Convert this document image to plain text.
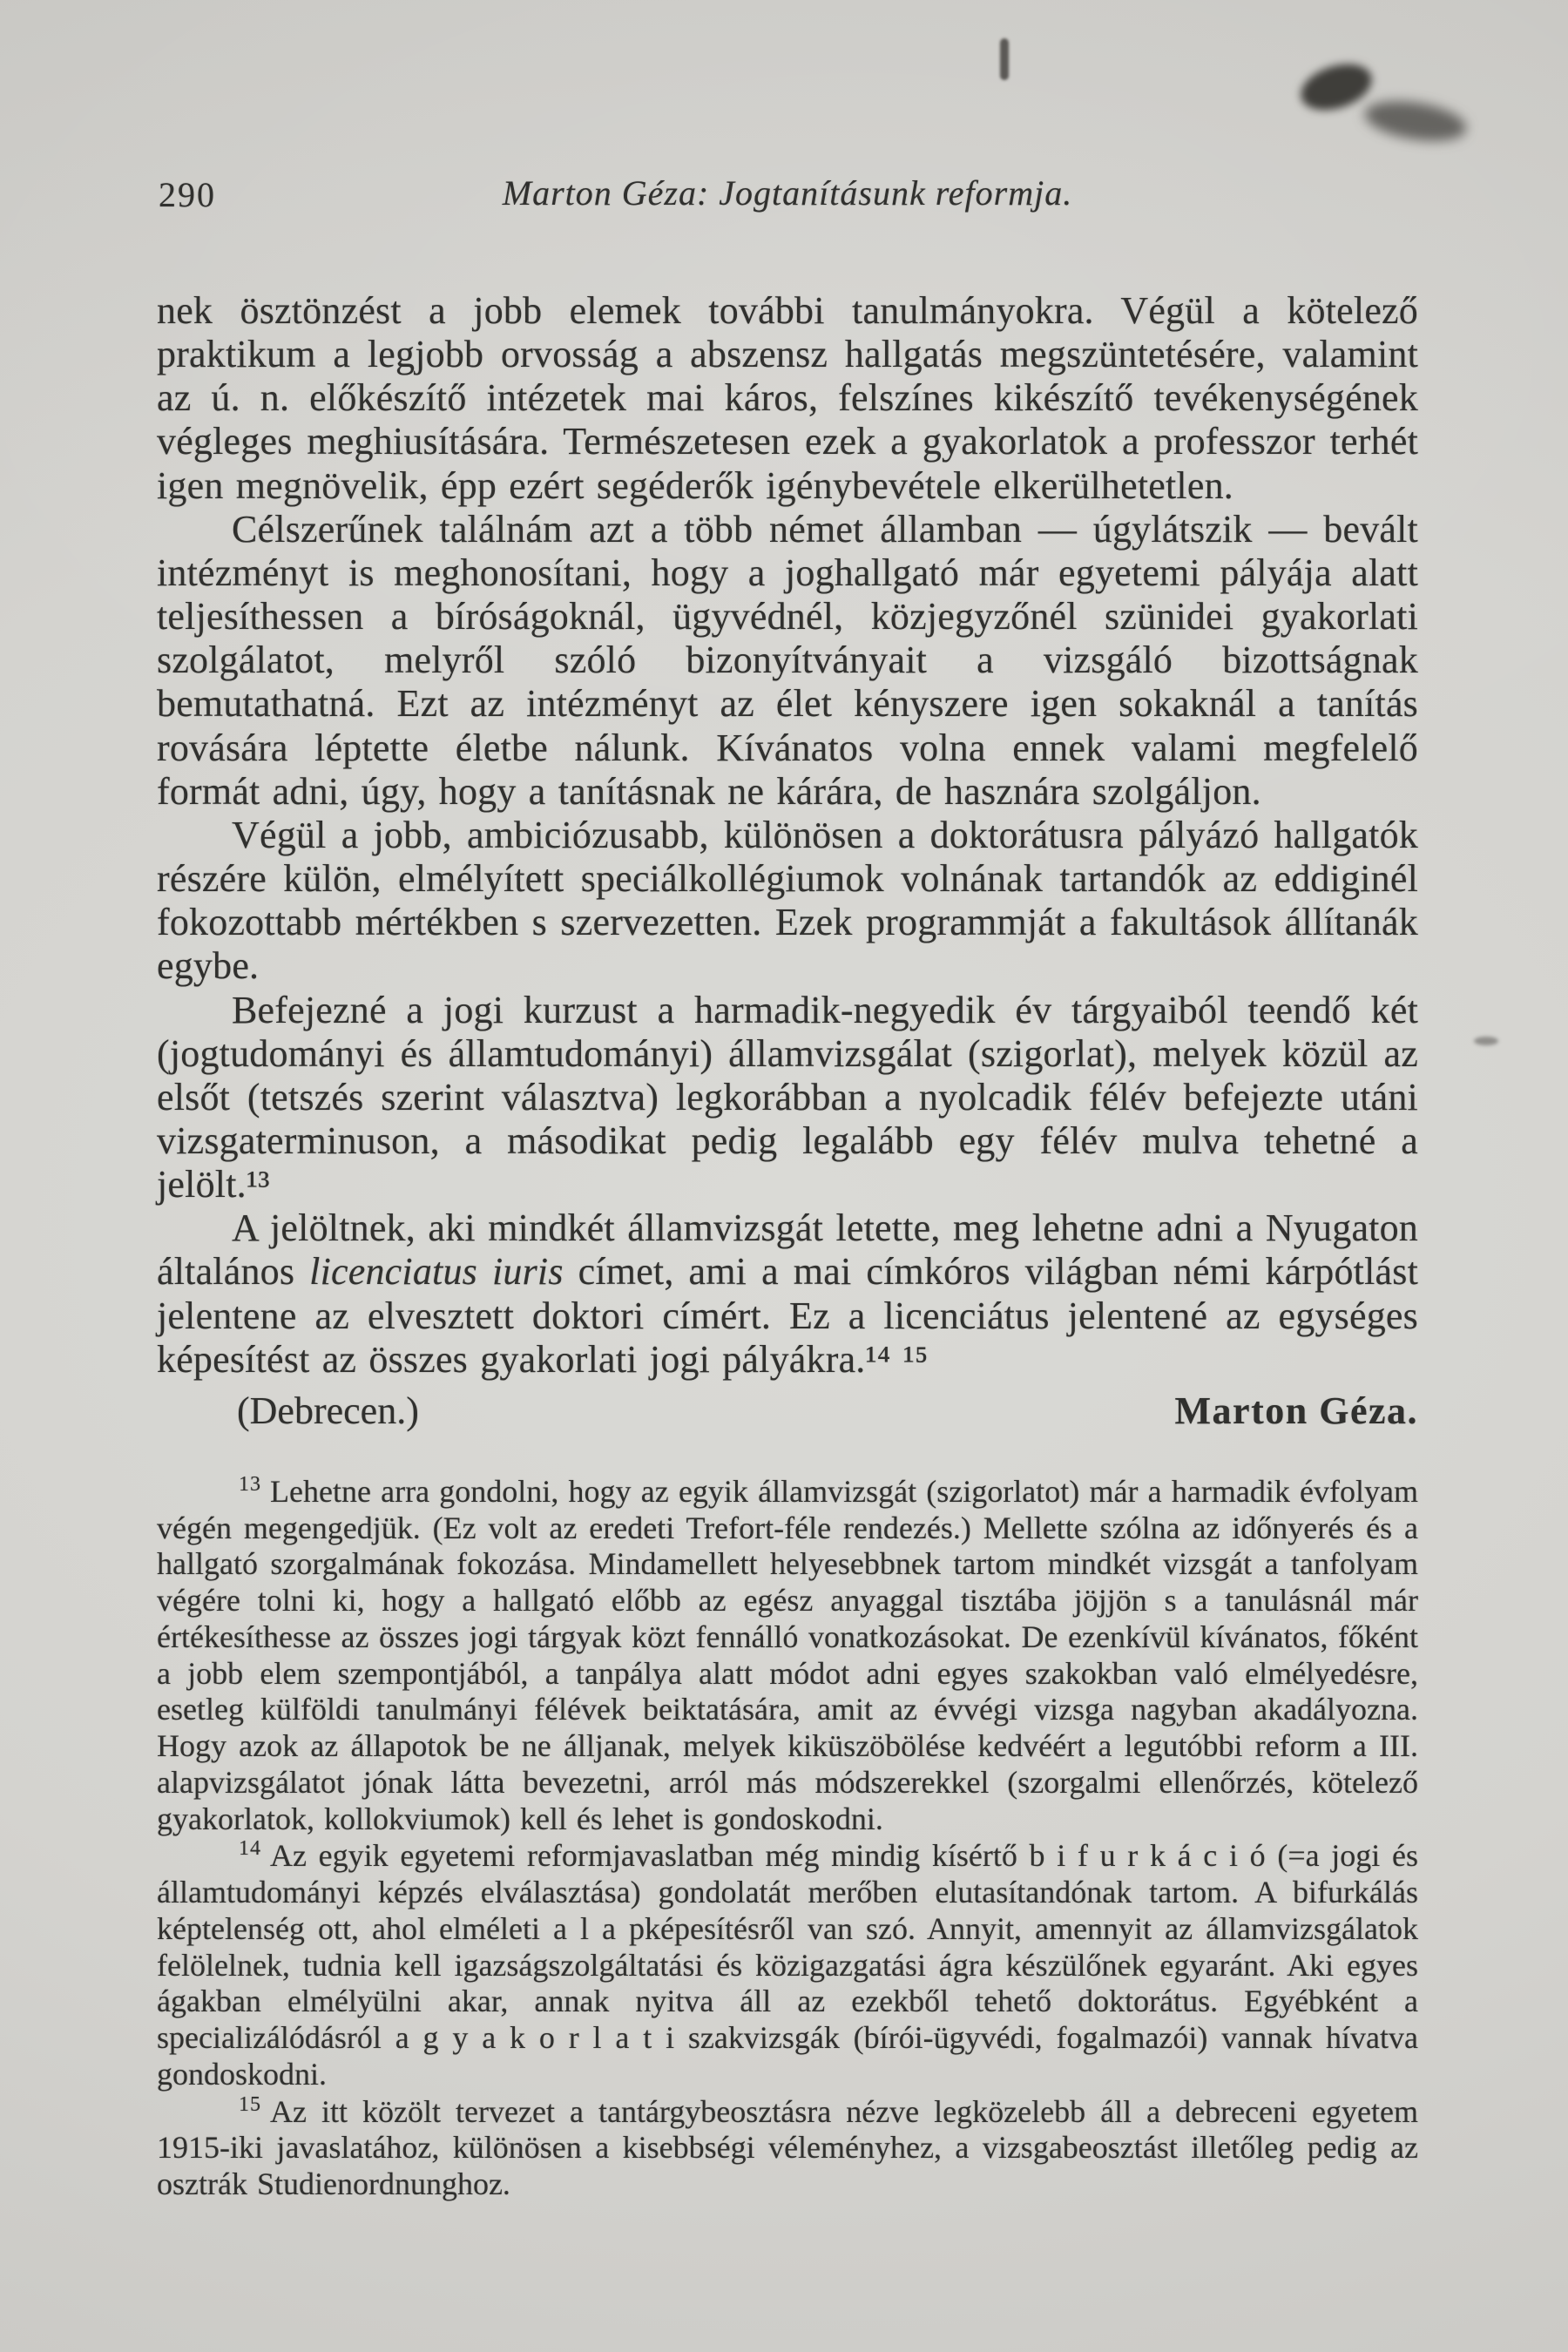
290	Marton Géza: Jogtanításunk reformja.

nek ösztönzést a jobb elemek további tanulmányokra. Végül a kötelező praktikum a legjobb orvosság a abszensz hallgatás megszüntetésére, valamint az ú. n. előkészítő intézetek mai káros, felszínes kikészítő tevékenységének végleges meghiusítására. Természetesen ezek a gyakorlatok a professzor terhét igen megnövelik, épp ezért segéderők igénybevétele elkerülhetetlen.

Célszerűnek találnám azt a több német államban — úgylátszik — bevált intézményt is meghonosítani, hogy a joghallgató már egyetemi pályája alatt teljesíthessen a bíróságoknál, ügyvédnél, közjegyzőnél szünidei gyakorlati szolgálatot, melyről szóló bizonyítványait a vizsgáló bizottságnak bemutathatná. Ezt az intézményt az élet kényszere igen sokaknál a tanítás rovására léptette életbe nálunk. Kívánatos volna ennek valami megfelelő formát adni, úgy, hogy a tanításnak ne kárára, de hasznára szolgáljon.

Végül a jobb, ambiciózusabb, különösen a doktorátusra pályázó hallgatók részére külön, elmélyített speciálkollégiumok volnának tartandók az eddiginél fokozottabb mértékben s szervezetten. Ezek programmját a fakultások állítanák egybe.

Befejezné a jogi kurzust a harmadik-negyedik év tárgyaiból teendő két (jogtudományi és államtudományi) államvizsgálat (szigorlat), melyek közül az elsőt (tetszés szerint választva) legkorábban a nyolcadik félév befejezte utáni vizsgaterminuson, a másodikat pedig legalább egy félév mulva tehetné a jelölt.¹³

A jelöltnek, aki mindkét államvizsgát letette, meg lehetne adni a Nyugaton általános licenciatus iuris címet, ami a mai címkóros világban némi kárpótlást jelentene az elvesztett doktori címért. Ez a licenciátus jelentené az egységes képesítést az összes gyakorlati jogi pályákra.¹⁴ ¹⁵

(Debrecen.)	Marton Géza.

$^{13}$ Lehetne arra gondolni, hogy az egyik államvizsgát (szigorlatot) már a harmadik évfolyam végén megengedjük. (Ez volt az eredeti Trefort-féle rendezés.) Mellette szólna az időnyerés és a hallgató szorgalmának fokozása. Mindamellett helyesebbnek tartom mindkét vizsgát a tanfolyam végére tolni ki, hogy a hallgató előbb az egész anyaggal tisztába jöjjön s a tanulásnál már értékesíthesse az összes jogi tárgyak közt fennálló vonatkozásokat. De ezenkívül kívánatos, főként a jobb elem szempontjából, a tanpálya alatt módot adni egyes szakokban való elmélyedésre, esetleg külföldi tanulmányi félévek beiktatására, amit az évvégi vizsga nagyban akadályozna. Hogy azok az állapotok be ne álljanak, melyek kiküszöbölése kedvéért a legutóbbi reform a III. alapvizsgálatot jónak látta bevezetni, arról más módszerekkel (szorgalmi ellenőrzés, kötelező gyakorlatok, kollokviumok) kell és lehet is gondoskodni.

$^{14}$ Az egyik egyetemi reformjavaslatban még mindig kísértő b i f u r k á c i ó (=a jogi és államtudományi képzés elválasztása) gondolatát merőben elutasítandónak tartom. A bifurkálás képtelenség ott, ahol elméleti a l a pképesítésről van szó. Annyit, amennyit az államvizsgálatok felölelnek, tudnia kell igazságszolgáltatási és közigazgatási ágra készülőnek egyaránt. Aki egyes ágakban elmélyülni akar, annak nyitva áll az ezekből tehető doktorátus. Egyébként a specializálódásról a g y a k o r l a t i szakvizsgák (bírói-ügyvédi, fogalmazói) vannak hívatva gondoskodni.

$^{15}$ Az itt közölt tervezet a tantárgybeosztásra nézve legközelebb áll a debreceni egyetem 1915-iki javaslatához, különösen a kisebbségi véleményhez, a vizsgabeosztást illetőleg pedig az osztrák Studienordnunghoz.
